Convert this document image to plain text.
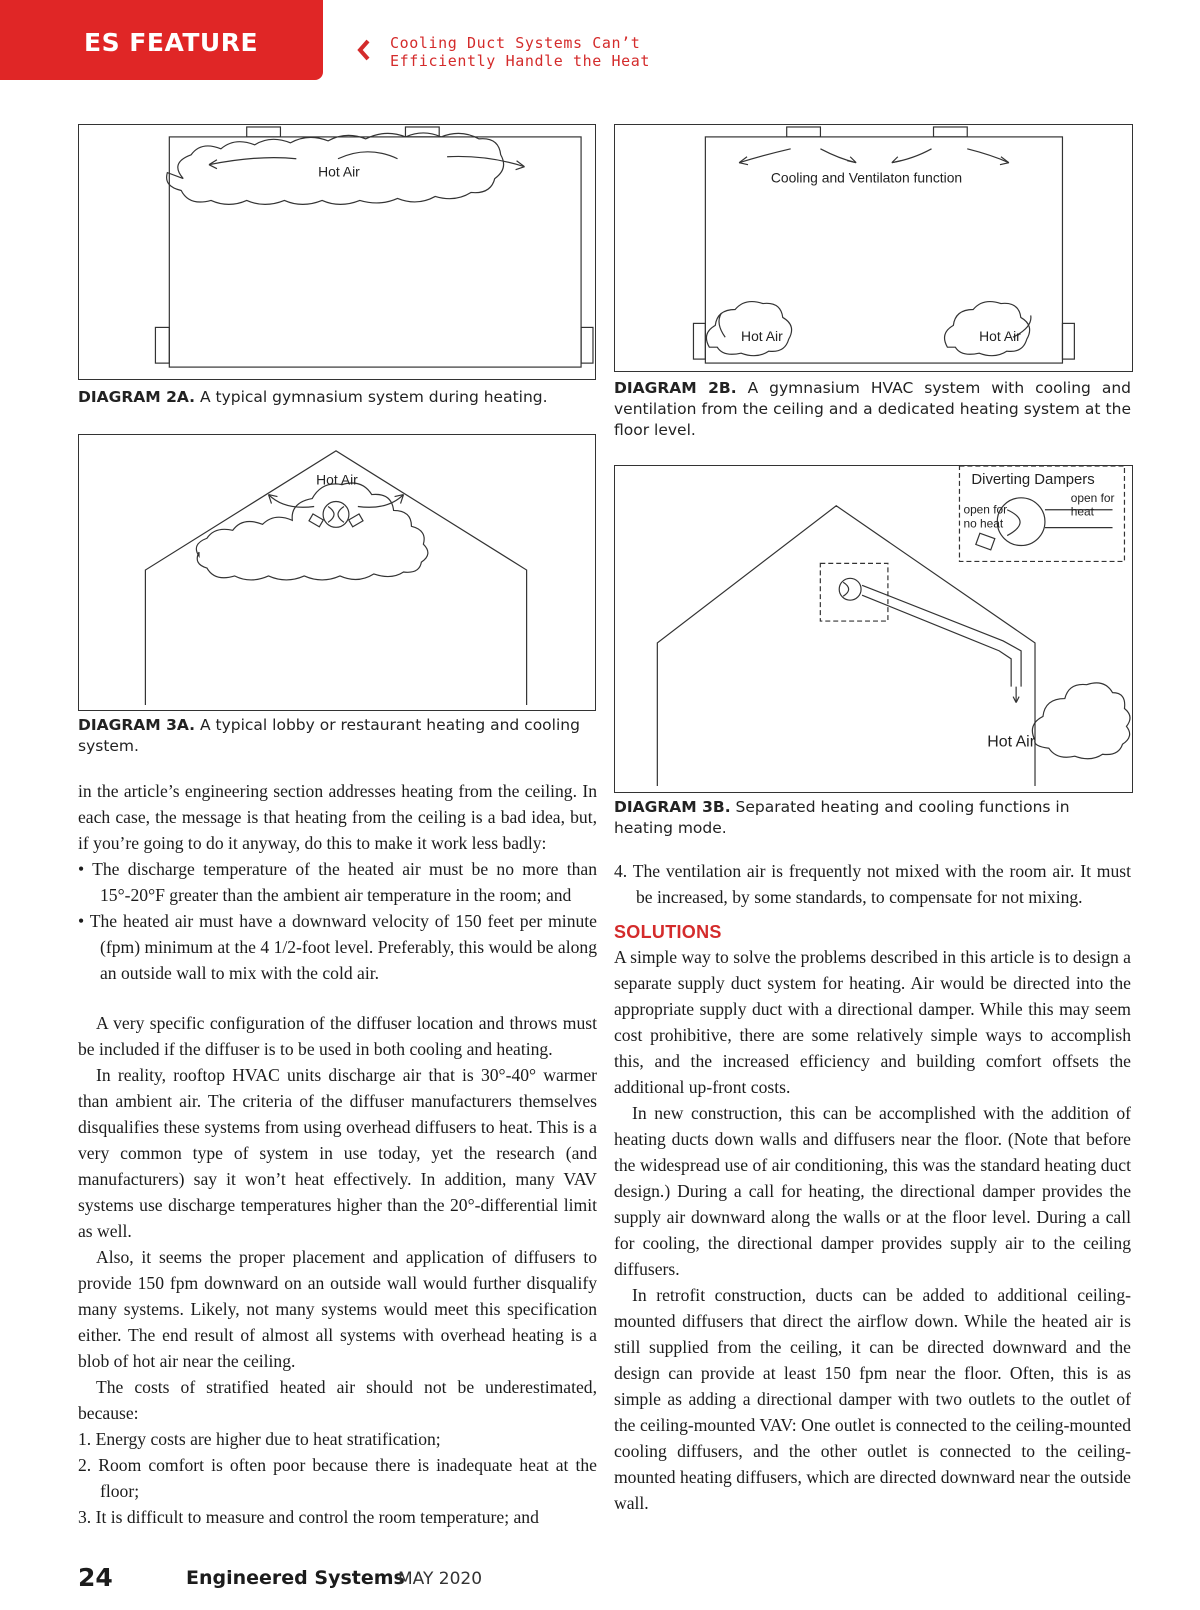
ES FEATURE	Cooling Duct Systems Can’t
Efficiently Handle the Heat
Hot Air
DIAGRAM 2A. A typical gymnasium system during heating.
Cooling and Ventilaton function
Hot Air	Hot Air
DIAGRAM 2B. A gymnasium HVAC system with cooling and ventilation from the ceiling and a dedicated heating system at the floor level.
Hot Air
DIAGRAM 3A. A typical lobby or restaurant heating and cooling system.
Diverting Dampers
open for
heat
open for
no heat
Hot Air
DIAGRAM 3B. Separated heating and cooling functions in heating mode.

in the article’s engineering section addresses heating from the ceiling. In each case, the message is that heating from the ceiling is a bad idea, but, if you’re going to do it anyway, do this to make it work less badly:

• The discharge temperature of the heated air must be no more than 15°-20°F greater than the ambient air temperature in the room; and

• The heated air must have a downward velocity of 150 feet per minute (fpm) minimum at the 4 1/2-foot level. Preferably, this would be along an outside wall to mix with the cold air.

A very specific configuration of the diffuser location and throws must be included if the diffuser is to be used in both cooling and heating.

In reality, rooftop HVAC units discharge air that is 30°-40° warmer than ambient air. The criteria of the diffuser manufacturers themselves disqualifies these systems from using overhead diffusers to heat. This is a very common type of system in use today, yet the research (and manufacturers) say it won’t heat effectively. In addition, many VAV systems use discharge temperatures higher than the 20°-differential limit as well.

Also, it seems the proper placement and application of diffusers to provide 150 fpm downward on an outside wall would further disqualify many systems. Likely, not many systems would meet this specification either. The end result of almost all systems with overhead heating is a blob of hot air near the ceiling.

The costs of stratified heated air should not be underestimated, because:

1. Energy costs are higher due to heat stratification;

2. Room comfort is often poor because there is inadequate heat at the floor;

3. It is difficult to measure and control the room temperature; and

4. The ventilation air is frequently not mixed with the room air. It must be increased, by some standards, to compensate for not mixing.

SOLUTIONS

A simple way to solve the problems described in this article is to design a separate supply duct system for heating. Air would be directed into the appropriate supply duct with a directional damper. While this may seem cost prohibitive, there are some relatively simple ways to accomplish this, and the increased efficiency and building comfort offsets the additional up-front costs.

In new construction, this can be accomplished with the addition of heating ducts down walls and diffusers near the floor. (Note that before the widespread use of air conditioning, this was the standard heating duct design.) During a call for heating, the directional damper provides the supply air downward along the walls or at the floor level. During a call for cooling, the directional damper provides supply air to the ceiling diffusers.

In retrofit construction, ducts can be added to additional ceiling-mounted diffusers that direct the airflow down. While the heated air is still supplied from the ceiling, it can be directed downward and the design can provide at least 150 fpm near the floor. Often, this is as simple as adding a directional damper with two outlets to the outlet of the ceiling-mounted VAV: One outlet is connected to the ceiling-mounted cooling diffusers, and the other outlet is connected to the ceiling-mounted heating diffusers, which are directed downward near the outside wall.

24	Engineered Systems
MAY 2020
